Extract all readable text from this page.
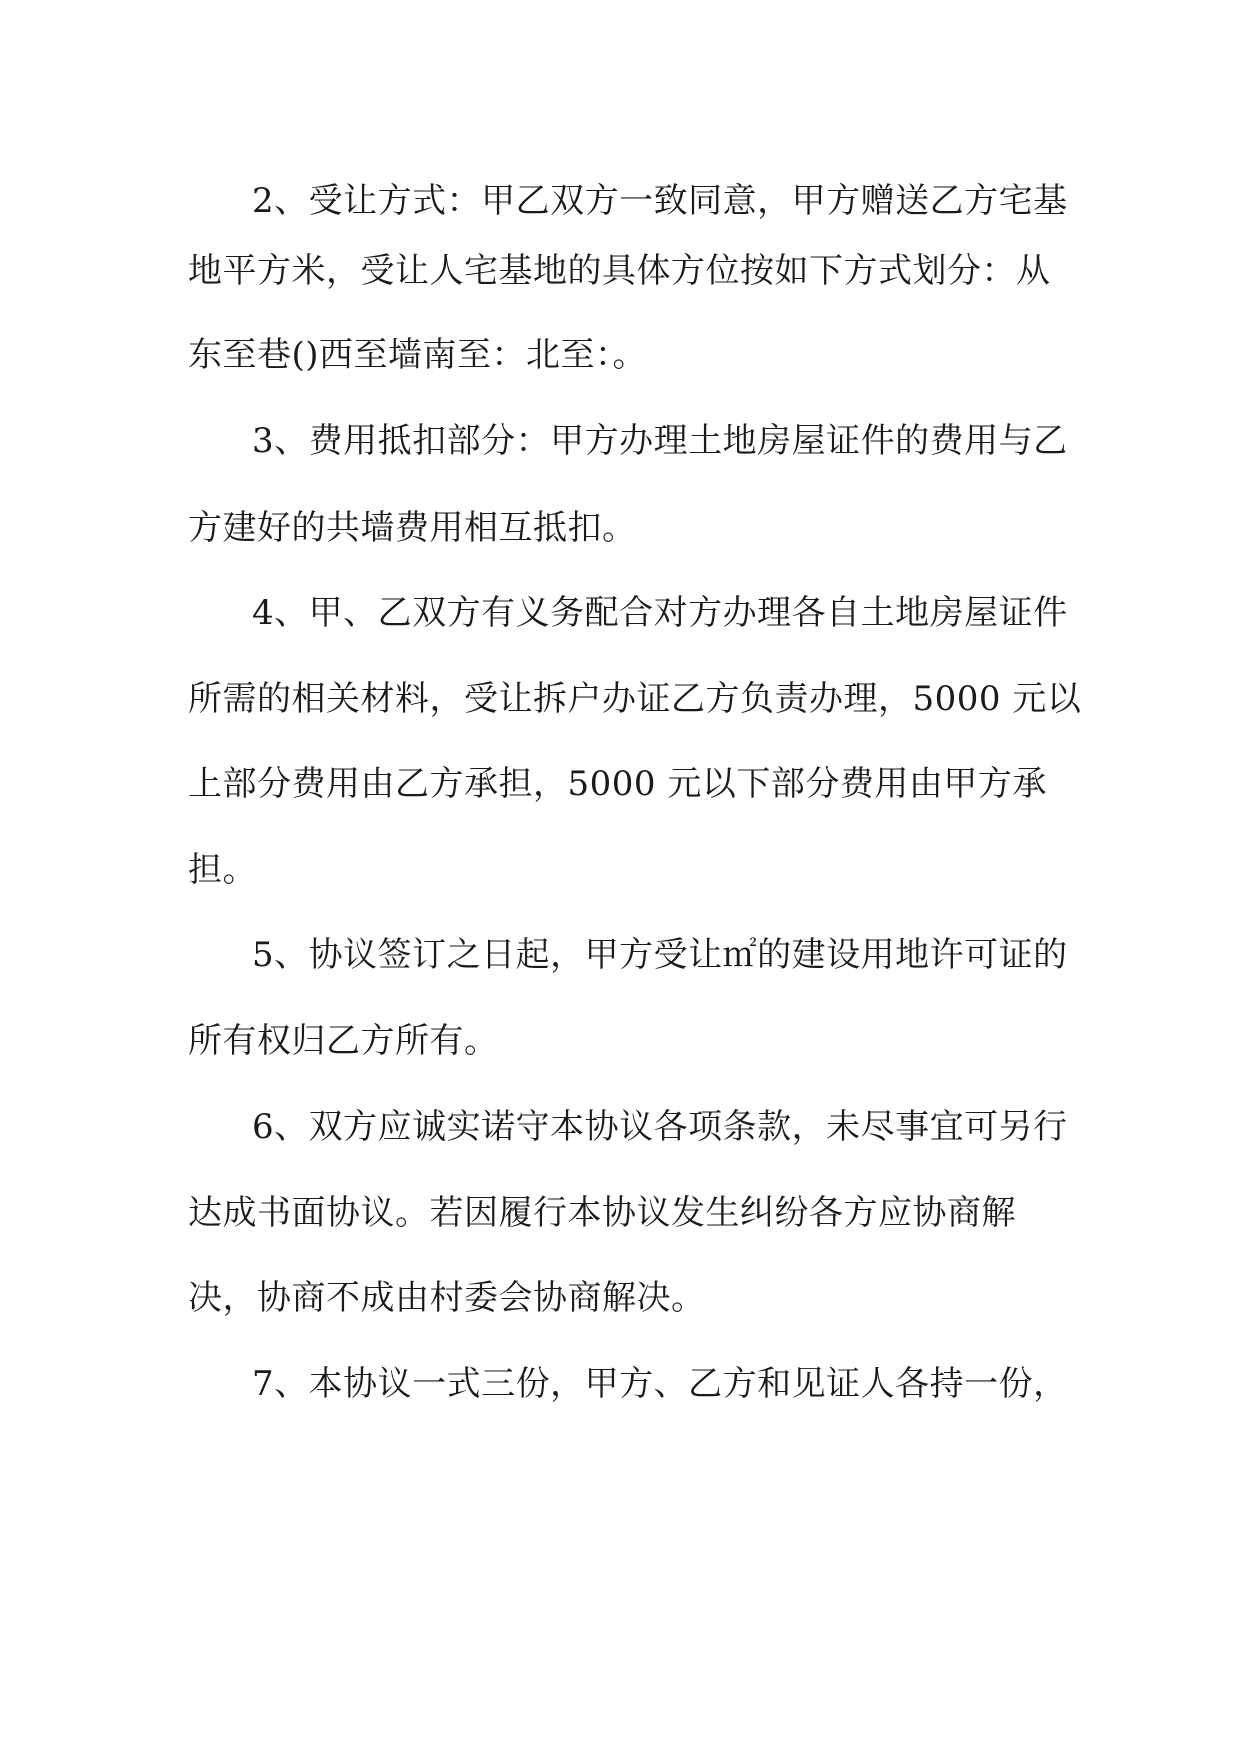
2、受让方式：甲乙双方一致同意，甲方赠送乙方宅基

地平方米，受让人宅基地的具体方位按如下方式划分：从

东至巷()西至墙南至：北至：。

3、费用抵扣部分：甲方办理土地房屋证件的费用与乙

方建好的共墙费用相互抵扣。

4、甲、乙双方有义务配合对方办理各自土地房屋证件

所需的相关材料，受让拆户办证乙方负责办理，5000 元以

上部分费用由乙方承担，5000 元以下部分费用由甲方承

担。

5、协议签订之日起，甲方受让㎡的建设用地许可证的

所有权归乙方所有。

6、双方应诚实诺守本协议各项条款，未尽事宜可另行

达成书面协议。若因履行本协议发生纠纷各方应协商解

决，协商不成由村委会协商解决。

7、本协议一式三份，甲方、乙方和见证人各持一份，
